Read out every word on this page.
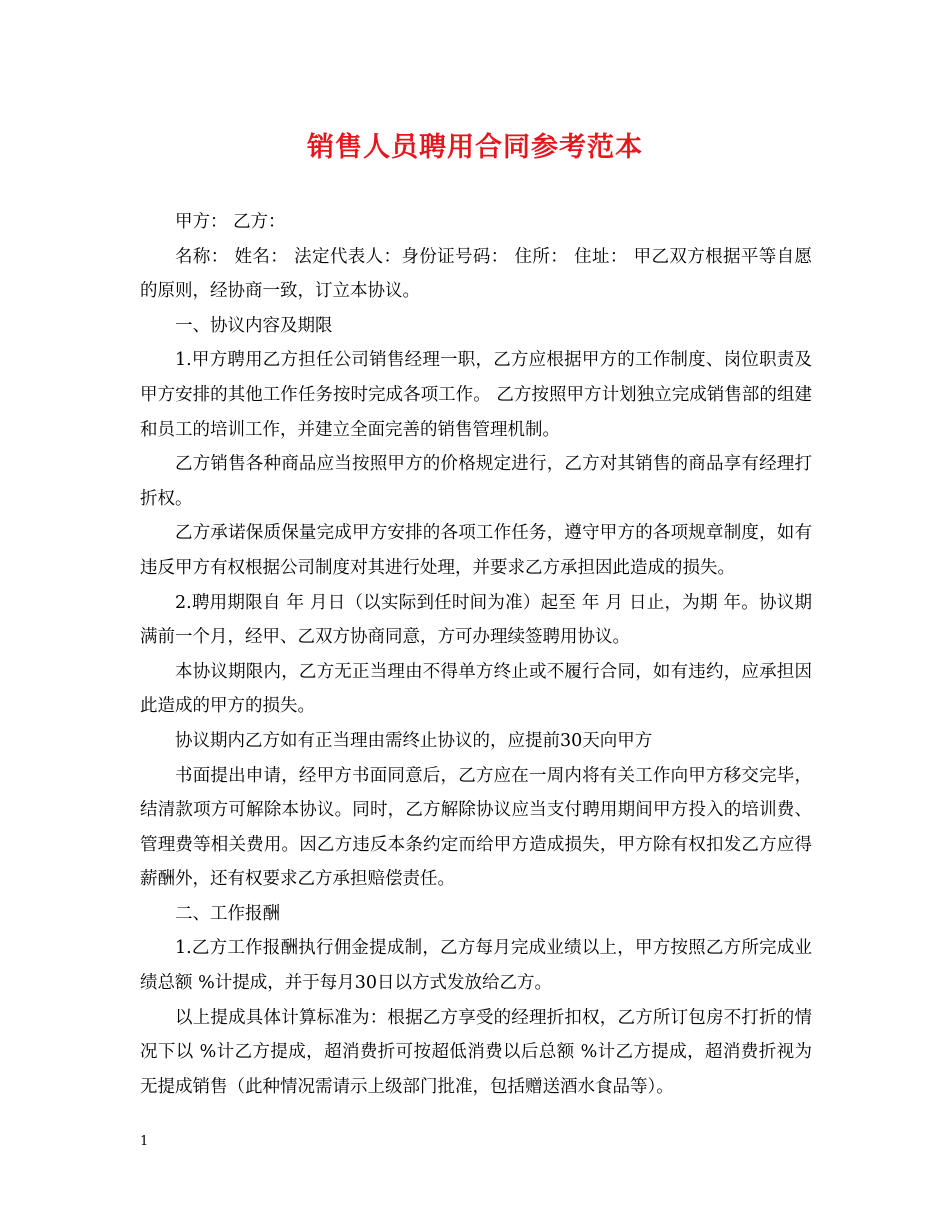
销售人员聘用合同参考范本

甲方： 乙方：

名称： 姓名： 法定代表人：身份证号码： 住所： 住址： 甲乙双方根据平等自愿的原则，经协商一致，订立本协议。

一、协议内容及期限

1.甲方聘用乙方担任公司销售经理一职，乙方应根据甲方的工作制度、岗位职责及甲方安排的其他工作任务按时完成各项工作。 乙方按照甲方计划独立完成销售部的组建和员工的培训工作，并建立全面完善的销售管理机制。

乙方销售各种商品应当按照甲方的价格规定进行，乙方对其销售的商品享有经理打折权。

乙方承诺保质保量完成甲方安排的各项工作任务，遵守甲方的各项规章制度，如有违反甲方有权根据公司制度对其进行处理，并要求乙方承担因此造成的损失。

2.聘用期限自 年 月日（以实际到任时间为准）起至 年 月 日止，为期 年。协议期满前一个月，经甲、乙双方协商同意，方可办理续签聘用协议。

本协议期限内，乙方无正当理由不得单方终止或不履行合同，如有违约，应承担因此造成的甲方的损失。

协议期内乙方如有正当理由需终止协议的，应提前30天向甲方

书面提出申请，经甲方书面同意后，乙方应在一周内将有关工作向甲方移交完毕，结清款项方可解除本协议。同时，乙方解除协议应当支付聘用期间甲方投入的培训费、管理费等相关费用。因乙方违反本条约定而给甲方造成损失，甲方除有权扣发乙方应得薪酬外，还有权要求乙方承担赔偿责任。

二、工作报酬

1.乙方工作报酬执行佣金提成制，乙方每月完成业绩以上，甲方按照乙方所完成业绩总额 %计提成，并于每月30日以方式发放给乙方。

以上提成具体计算标准为：根据乙方享受的经理折扣权，乙方所订包房不打折的情况下以 %计乙方提成，超消费折可按超低消费以后总额 %计乙方提成，超消费折视为无提成销售（此种情况需请示上级部门批准，包括赠送酒水食品等）。

1
